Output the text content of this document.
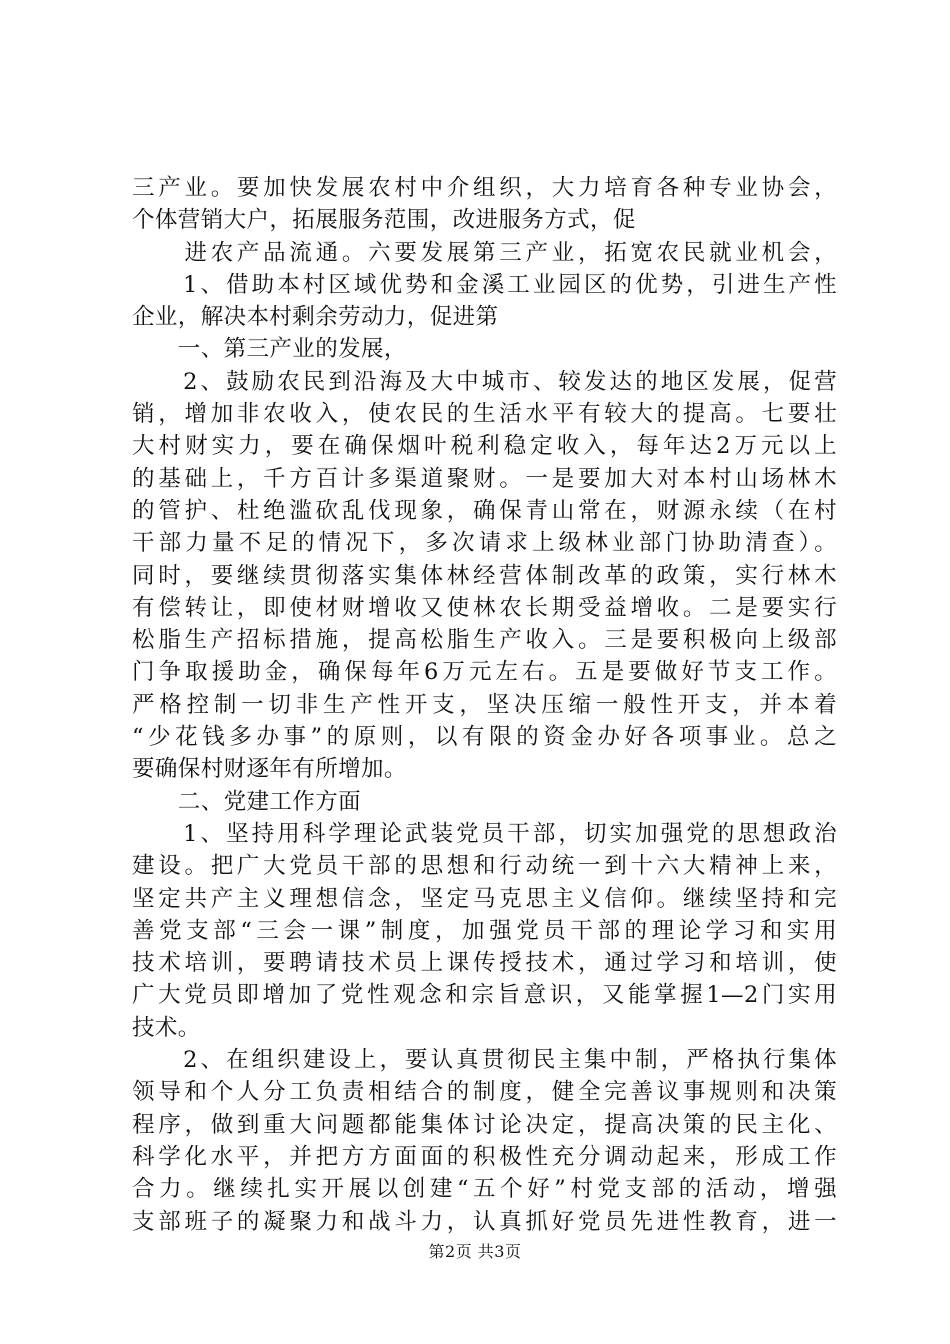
三产业。要加快发展农村中介组织，大力培育各种专业协会，
个体营销大户，拓展服务范围，改进服务方式，促
　　进农产品流通。六要发展第三产业，拓宽农民就业机会，
　　1、借助本村区域优势和金溪工业园区的优势，引进生产性
企业，解决本村剩余劳动力，促进第
　　一、第三产业的发展，
　　2、鼓励农民到沿海及大中城市、较发达的地区发展，促营
销，增加非农收入，使农民的生活水平有较大的提高。七要壮
大村财实力，要在确保烟叶税利稳定收入，每年达2万元以上
的基础上，千方百计多渠道聚财。一是要加大对本村山场林木
的管护、杜绝滥砍乱伐现象，确保青山常在，财源永续（在村
干部力量不足的情况下，多次请求上级林业部门协助清查）。
同时，要继续贯彻落实集体林经营体制改革的政策，实行林木
有偿转让，即使材财增收又使林农长期受益增收。二是要实行
松脂生产招标措施，提高松脂生产收入。三是要积极向上级部
门争取援助金，确保每年6万元左右。五是要做好节支工作。
严格控制一切非生产性开支，坚决压缩一般性开支，并本着
“少花钱多办事”的原则，以有限的资金办好各项事业。总之
要确保村财逐年有所增加。
　　二、党建工作方面
　　1、坚持用科学理论武装党员干部，切实加强党的思想政治
建设。把广大党员干部的思想和行动统一到十六大精神上来，
坚定共产主义理想信念，坚定马克思主义信仰。继续坚持和完
善党支部“三会一课”制度，加强党员干部的理论学习和实用
技术培训，要聘请技术员上课传授技术，通过学习和培训，使
广大党员即增加了党性观念和宗旨意识，又能掌握1—2门实用
技术。
　　2、在组织建设上，要认真贯彻民主集中制，严格执行集体
领导和个人分工负责相结合的制度，健全完善议事规则和决策
程序，做到重大问题都能集体讨论决定，提高决策的民主化、
科学化水平，并把方方面面的积极性充分调动起来，形成工作
合力。继续扎实开展以创建“五个好”村党支部的活动，增强
支部班子的凝聚力和战斗力，认真抓好党员先进性教育，进一
第2页 共3页
